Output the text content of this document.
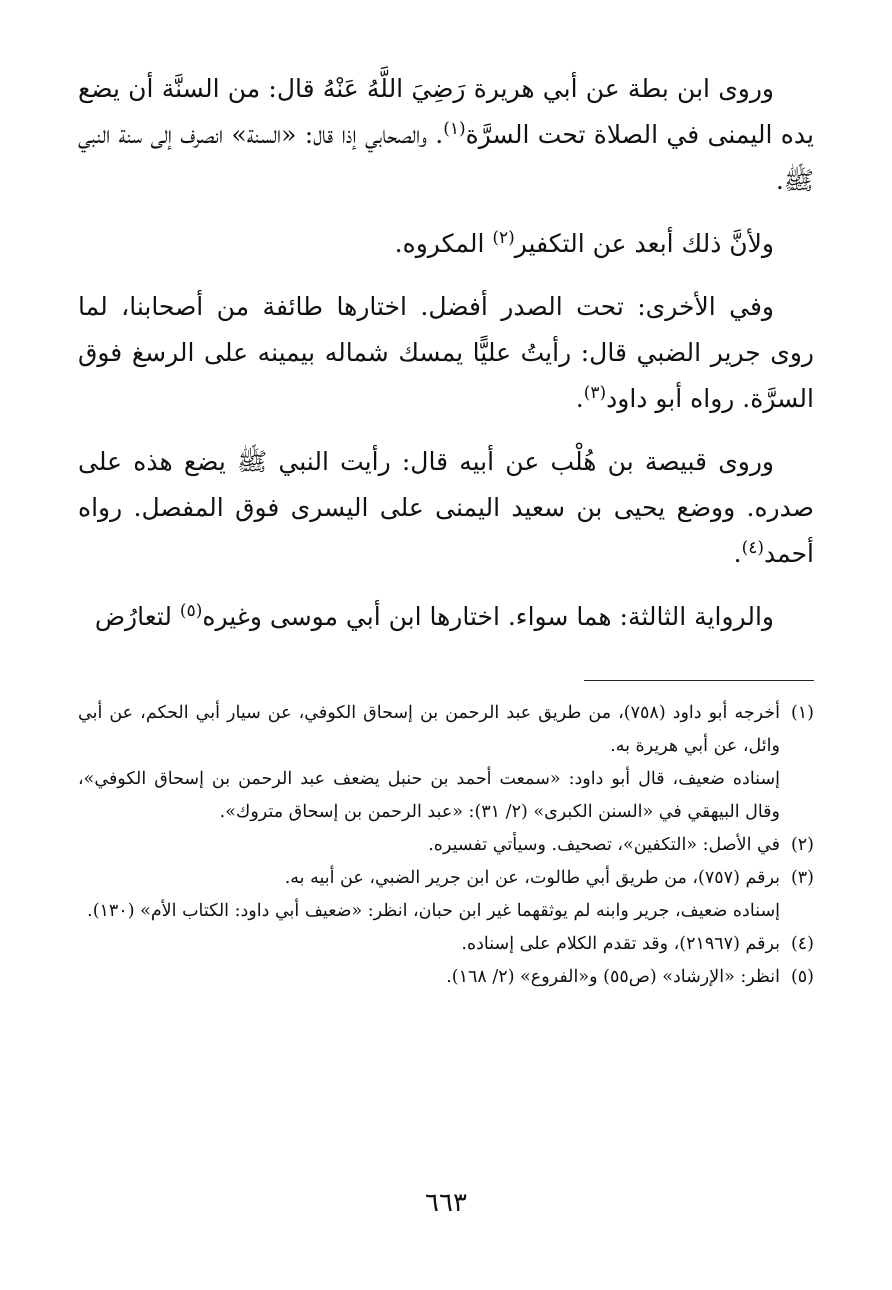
وروى ابن بطة عن أبي هريرة رَضِيَ اللَّهُ عَنْهُ قال: من السنَّة أن يضع يده اليمنى في الصلاة تحت السرَّة$^{(١)}$. والصحابي إذا قال: «السنة» انصرف إلى سنة النبي ﷺ.

ولأنَّ ذلك أبعد عن التكفير$^{(٢)}$ المكروه.

وفي الأخرى: تحت الصدر أفضل. اختارها طائفة من أصحابنا، لما روى جرير الضبي قال: رأيتُ عليًّا يمسك شماله بيمينه على الرسغ فوق السرَّة. رواه أبو داود$^{(٣)}$.

وروى قبيصة بن هُلْب عن أبيه قال: رأيت النبي ﷺ يضع هذه على صدره. ووضع يحيى بن سعيد اليمنى على اليسرى فوق المفصل. رواه أحمد$^{(٤)}$.

والرواية الثالثة: هما سواء. اختارها ابن أبي موسى وغيره$^{(٥)}$ لتعارُض

(١)
أخرجه أبو داود (٧٥٨)، من طريق عبد الرحمن بن إسحاق الكوفي، عن سيار أبي الحكم، عن أبي وائل، عن أبي هريرة به.
إسناده ضعيف، قال أبو داود: «سمعت أحمد بن حنبل يضعف عبد الرحمن بن إسحاق الكوفي»، وقال البيهقي في «السنن الكبرى» (٢/ ٣١): «عبد الرحمن بن إسحاق متروك».
(٢)
في الأصل: «التكفين»، تصحيف. وسيأتي تفسيره.
(٣)
برقم (٧٥٧)، من طريق أبي طالوت، عن ابن جرير الضبي، عن أبيه به.
إسناده ضعيف، جرير وابنه لم يوثقهما غير ابن حبان، انظر: «ضعيف أبي داود: الكتاب الأم» (١٣٠).
(٤)
برقم (٢١٩٦٧)، وقد تقدم الكلام على إسناده.
(٥)
انظر: «الإرشاد» (ص٥٥) و«الفروع» (٢/ ١٦٨).
٦٦٣
